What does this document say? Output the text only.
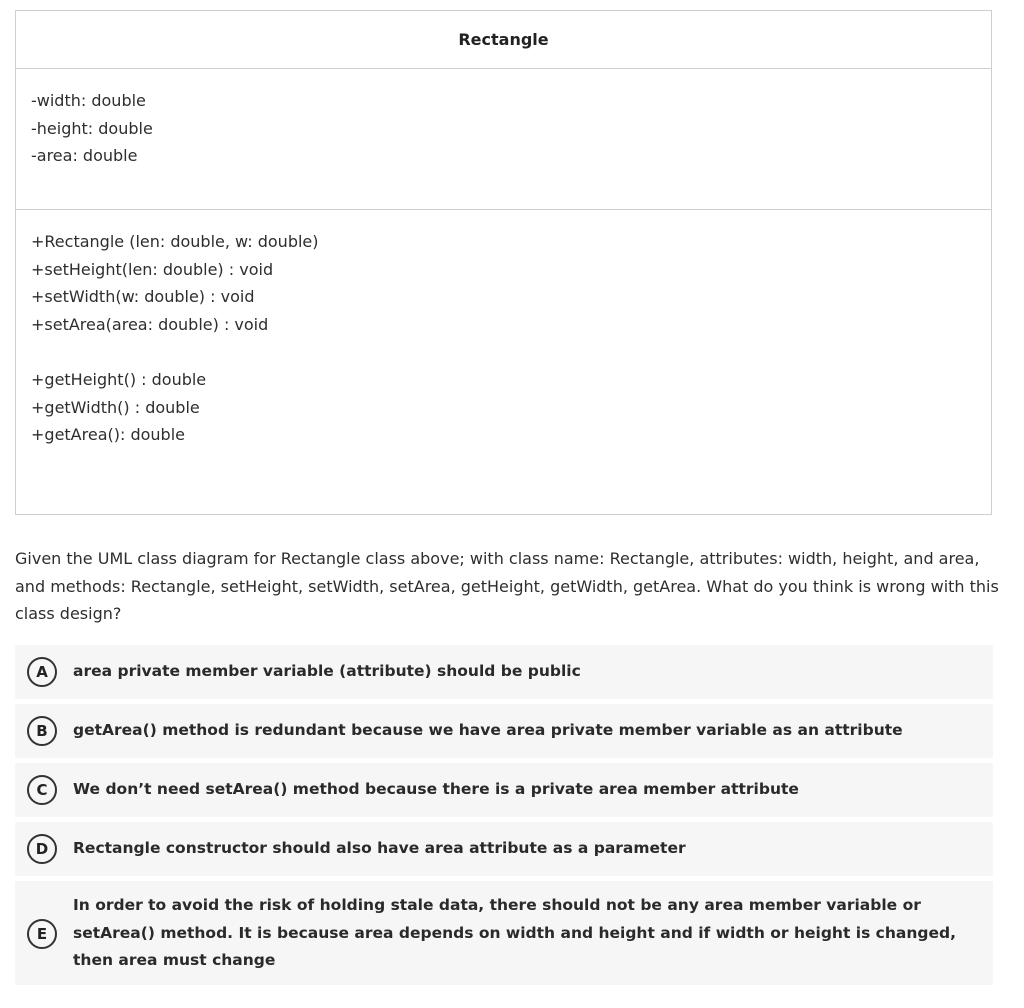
Rectangle
-width: double
-height: double
-area: double
+Rectangle (len: double, w: double)
+setHeight(len: double) : void
+setWidth(w: double) : void
+setArea(area: double) : void
+getHeight() : double
+getWidth() : double
+getArea(): double
Given the UML class diagram for Rectangle class above; with class name: Rectangle, attributes: width, height, and area, and methods: Rectangle, setHeight, setWidth, setArea, getHeight, getWidth, getArea. What do you think is wrong with this class design?
A	area private member variable (attribute) should be public
B	getArea() method is redundant because we have area private member variable as an attribute
C	We don’t need setArea() method because there is a private area member attribute
D	Rectangle constructor should also have area attribute as a parameter
E
In order to avoid the risk of holding stale data, there should not be any area member variable or setArea() method. It is because area depends on width and height and if width or height is changed, then area must change
